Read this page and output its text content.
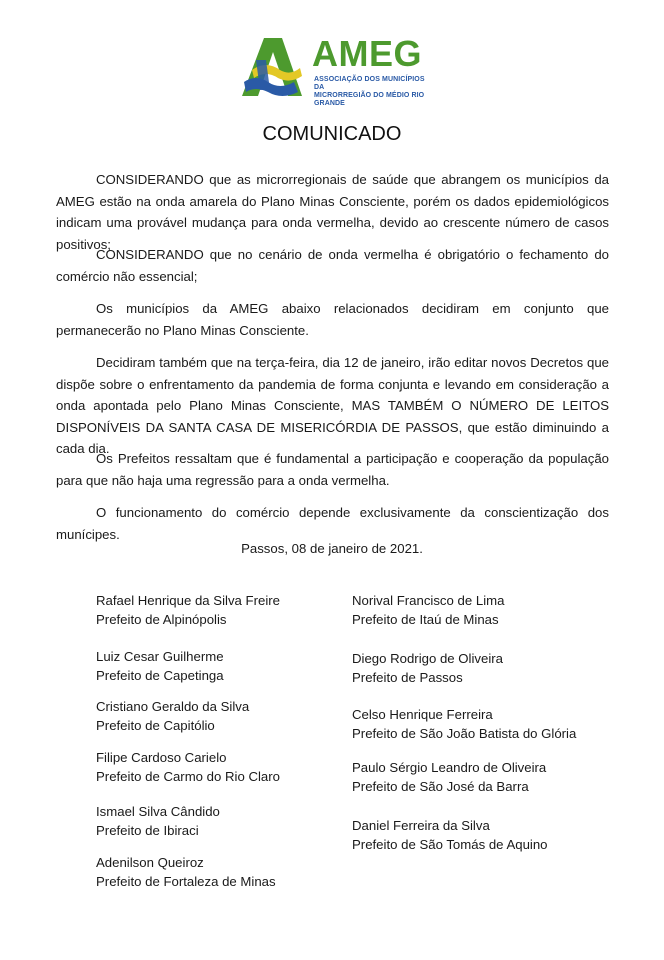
AMEG
ASSOCIAÇÃO DOS MUNICÍPIOS DA
MICRORREGIÃO DO MÉDIO RIO GRANDE
COMUNICADO

CONSIDERANDO que as microrregionais de saúde que abrangem os municípios da AMEG estão na onda amarela do Plano Minas Consciente, porém os dados epidemiológicos indicam uma provável mudança para onda vermelha, devido ao crescente número de casos positivos;

CONSIDERANDO que no cenário de onda vermelha é obrigatório o fechamento do comércio não essencial;

Os municípios da AMEG abaixo relacionados decidiram em conjunto que permanecerão no Plano Minas Consciente.

Decidiram também que na terça-feira, dia 12 de janeiro, irão editar novos Decretos que dispõe sobre o enfrentamento da pandemia de forma conjunta e levando em consideração a onda apontada pelo Plano Minas Consciente, MAS TAMBÉM O NÚMERO DE LEITOS DISPONÍVEIS DA SANTA CASA DE MISERICÓRDIA DE PASSOS, que estão diminuindo a cada dia.

Os Prefeitos ressaltam que é fundamental a participação e cooperação da população para que não haja uma regressão para a onda vermelha.

O funcionamento do comércio depende exclusivamente da conscientização dos munícipes.

Passos, 08 de janeiro de 2021.
Rafael Henrique da Silva Freire
Prefeito de Alpinópolis
Luiz Cesar Guilherme
Prefeito de Capetinga
Cristiano Geraldo da Silva
Prefeito de Capitólio
Filipe Cardoso Carielo
Prefeito de Carmo do Rio Claro
Ismael Silva Cândido
Prefeito de Ibiraci
Adenilson Queiroz
Prefeito de Fortaleza de Minas
Norival Francisco de Lima
Prefeito de Itaú de Minas
Diego Rodrigo de Oliveira
Prefeito de Passos
Celso Henrique Ferreira
Prefeito de São João Batista do Glória
Paulo Sérgio Leandro de Oliveira
Prefeito de São José da Barra
Daniel Ferreira da Silva
Prefeito de São Tomás de Aquino
